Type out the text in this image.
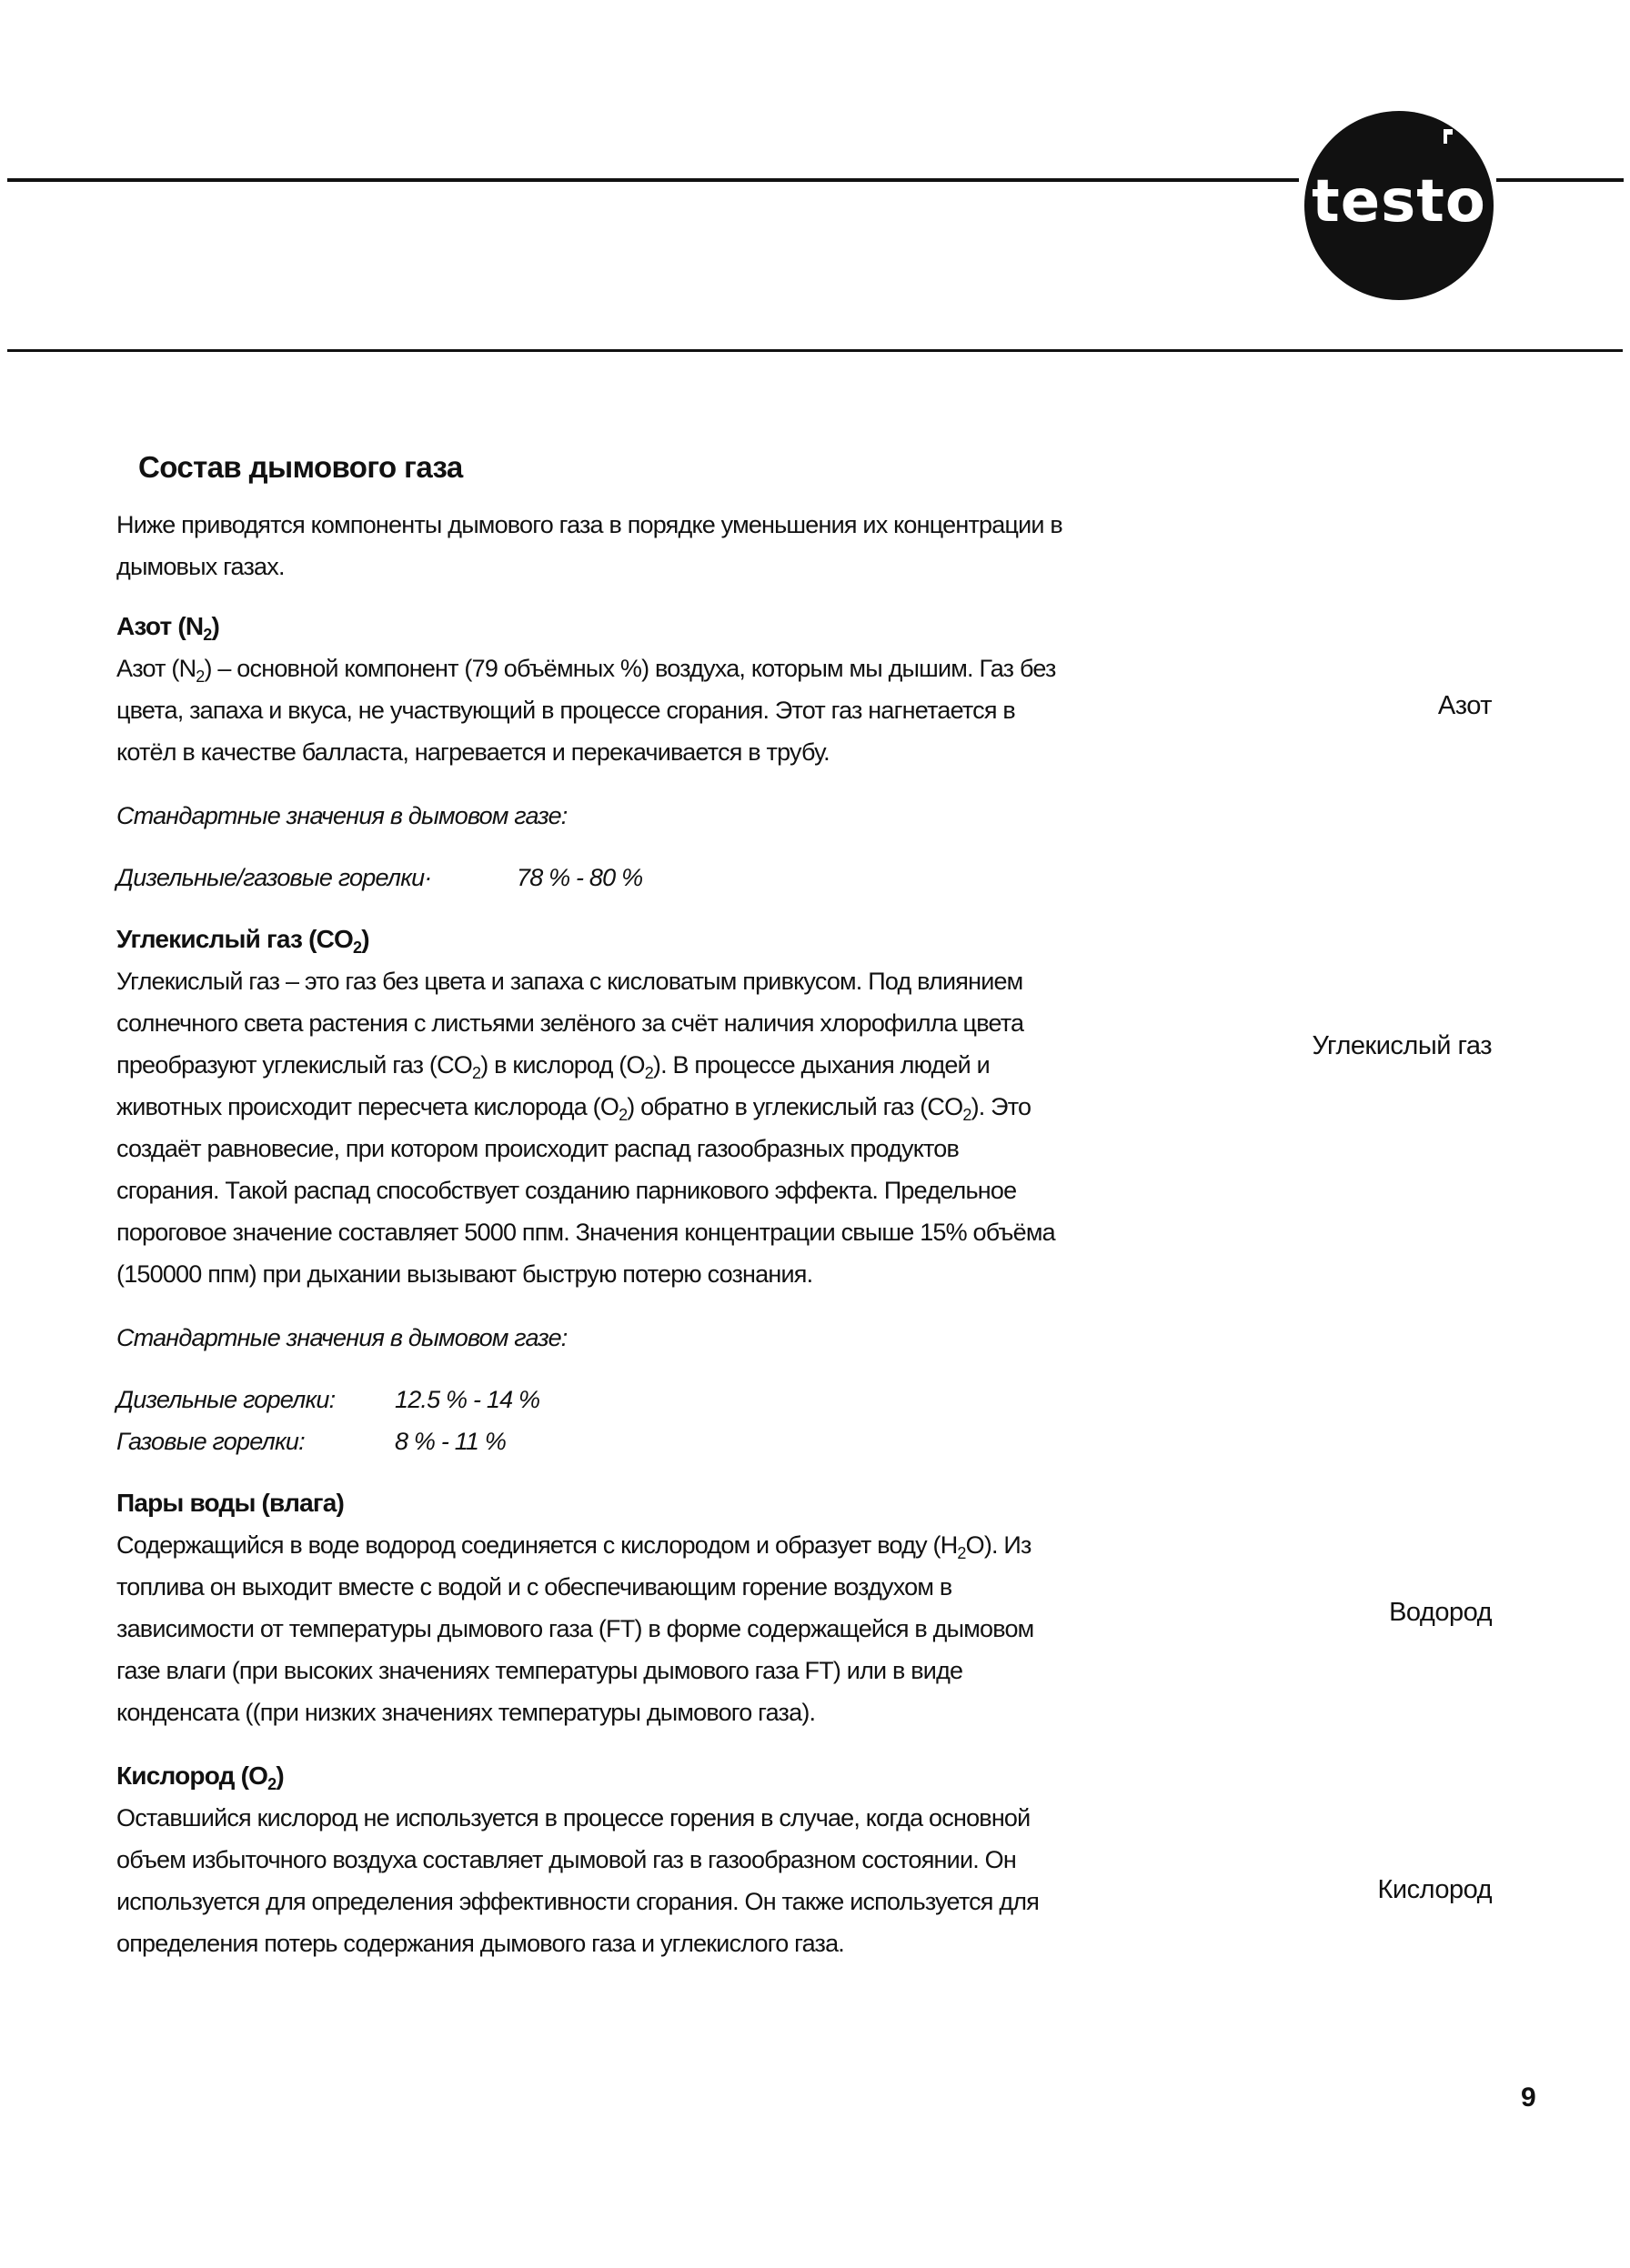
testo
Состав дымового газа

Ниже приводятся компоненты дымового газа в порядке уменьшения их концентрации в дымовых газах.

Азот $(N_2)$

Азот $(N_2)$ – основной компонент (79 объёмных %) воздуха, которым мы дышим. Газ без цвета, запаха и вкуса, не участвующий в процессе сгорания. Этот газ нагнетается в котёл в качестве балласта, нагревается и перекачивается в трубу.

Стандартные значения в дымовом газе:

Дизельные/газовые горелки·	78 % - 80 %

Углекислый газ $(CO_2)$

Углекислый газ – это газ без цвета и запаха с кисловатым привкусом. Под влиянием солнечного света растения с листьями зелёного за счёт наличия хлорофилла цвета преобразуют углекислый газ $(CO_2)$ в кислород $(O_2)$. В процессе дыхания людей и животных происходит пересчета кислорода $(O_2)$ обратно в углекислый газ $(CO_2)$. Это создаёт равновесие, при котором происходит распад газообразных продуктов сгорания. Такой распад способствует созданию парникового эффекта. Предельное пороговое значение составляет 5000 ппм. Значения концентрации свыше 15% объёма (150000 ппм) при дыхании вызывают быструю потерю сознания.

Стандартные значения в дымовом газе:

Дизельные горелки:	12.5 % - 14 %
Газовые горелки:	8 % - 11 %

Пары воды (влага)

Содержащийся в воде водород соединяется с кислородом и образует воду $(H_2O)$. Из топлива он выходит вместе с водой и с обеспечивающим горение воздухом в зависимости от температуры дымового газа (FT) в форме содержащейся в дымовом газе влаги (при высоких значениях температуры дымового газа FT) или в виде конденсата ((при низких значениях температуры дымового газа).

Кислород $(O_2)$

Оставшийся кислород не используется в процессе горения в случае, когда основной объем избыточного воздуха составляет дымовой газ в газообразном состоянии. Он используется для определения эффективности сгорания. Он также используется для определения потерь содержания дымового газа и углекислого газа.

Азот
Углекислый газ
Водород
Кислород
9
